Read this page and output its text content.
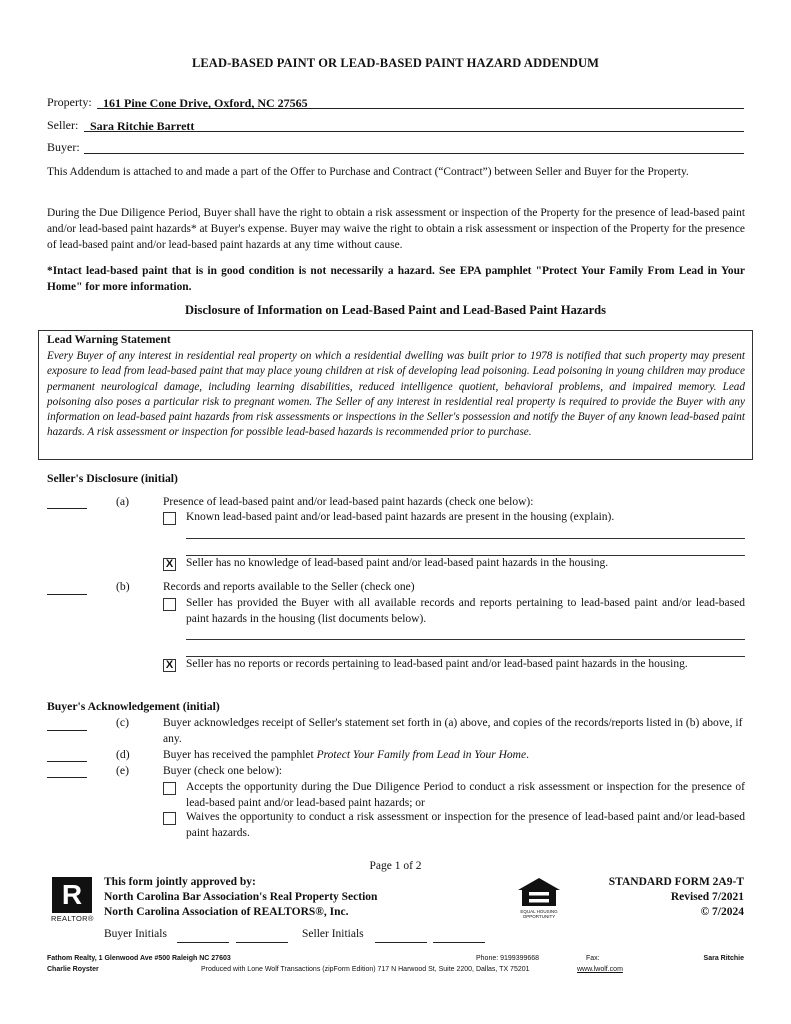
LEAD-BASED PAINT OR LEAD-BASED PAINT HAZARD ADDENDUM
Property: 161 Pine Cone Drive, Oxford, NC 27565
Seller: Sara Ritchie Barrett
Buyer:
This Addendum is attached to and made a part of the Offer to Purchase and Contract (“Contract”) between Seller and Buyer for the Property.
During the Due Diligence Period, Buyer shall have the right to obtain a risk assessment or inspection of the Property for the presence of lead-based paint and/or lead-based paint hazards* at Buyer's expense. Buyer may waive the right to obtain a risk assessment or inspection of the Property for the presence of lead-based paint and/or lead-based paint hazards at any time without cause.
*Intact lead-based paint that is in good condition is not necessarily a hazard. See EPA pamphlet "Protect Your Family From Lead in Your Home" for more information.
Disclosure of Information on Lead-Based Paint and Lead-Based Paint Hazards
Lead Warning Statement
Every Buyer of any interest in residential real property on which a residential dwelling was built prior to 1978 is notified that such property may present exposure to lead from lead-based paint that may place young children at risk of developing lead poisoning. Lead poisoning in young children may produce permanent neurological damage, including learning disabilities, reduced intelligence quotient, behavioral problems, and impaired memory. Lead poisoning also poses a particular risk to pregnant women. The Seller of any interest in residential real property is required to provide the Buyer with any information on lead-based paint hazards from risk assessments or inspections in the Seller's possession and notify the Buyer of any known lead-based paint hazards. A risk assessment or inspection for possible lead-based hazards is recommended prior to purchase.
Seller's Disclosure (initial)
(a)	Presence of lead-based paint and/or lead-based paint hazards (check one below):
Known lead-based paint and/or lead-based paint hazards are present in the housing (explain).
X Seller has no knowledge of lead-based paint and/or lead-based paint hazards in the housing.
(b)	Records and reports available to the Seller (check one)
Seller has provided the Buyer with all available records and reports pertaining to lead-based paint and/or lead-based paint hazards in the housing (list documents below).
X Seller has no reports or records pertaining to lead-based paint and/or lead-based paint hazards in the housing.
Buyer's Acknowledgement (initial)
(c)	Buyer acknowledges receipt of Seller's statement set forth in (a) above, and copies of the records/reports listed in (b) above, if any.
(d)	Buyer has received the pamphlet Protect Your Family from Lead in Your Home.
(e)	Buyer (check one below):
Accepts the opportunity during the Due Diligence Period to conduct a risk assessment or inspection for the presence of lead-based paint and/or lead-based paint hazards; or
Waives the opportunity to conduct a risk assessment or inspection for the presence of lead-based paint and/or lead-based paint hazards.
Page 1 of 2
R
REALTOR®
This form jointly approved by:
North Carolina Bar Association's Real Property Section
North Carolina Association of REALTORS®, Inc.	EQUAL HOUSING OPPORTUNITY
STANDARD FORM 2A9-T
Revised 7/2021
© 7/2024
Buyer Initials	Seller Initials
Fathom Realty, 1 Glenwood Ave #500 Raleigh NC 27603	Phone: 9199399668	Fax:	Sara Ritchie
Charlie Royster	Produced with Lone Wolf Transactions (zipForm Edition) 717 N Harwood St, Suite 2200, Dallas, TX 75201	www.lwolf.com
